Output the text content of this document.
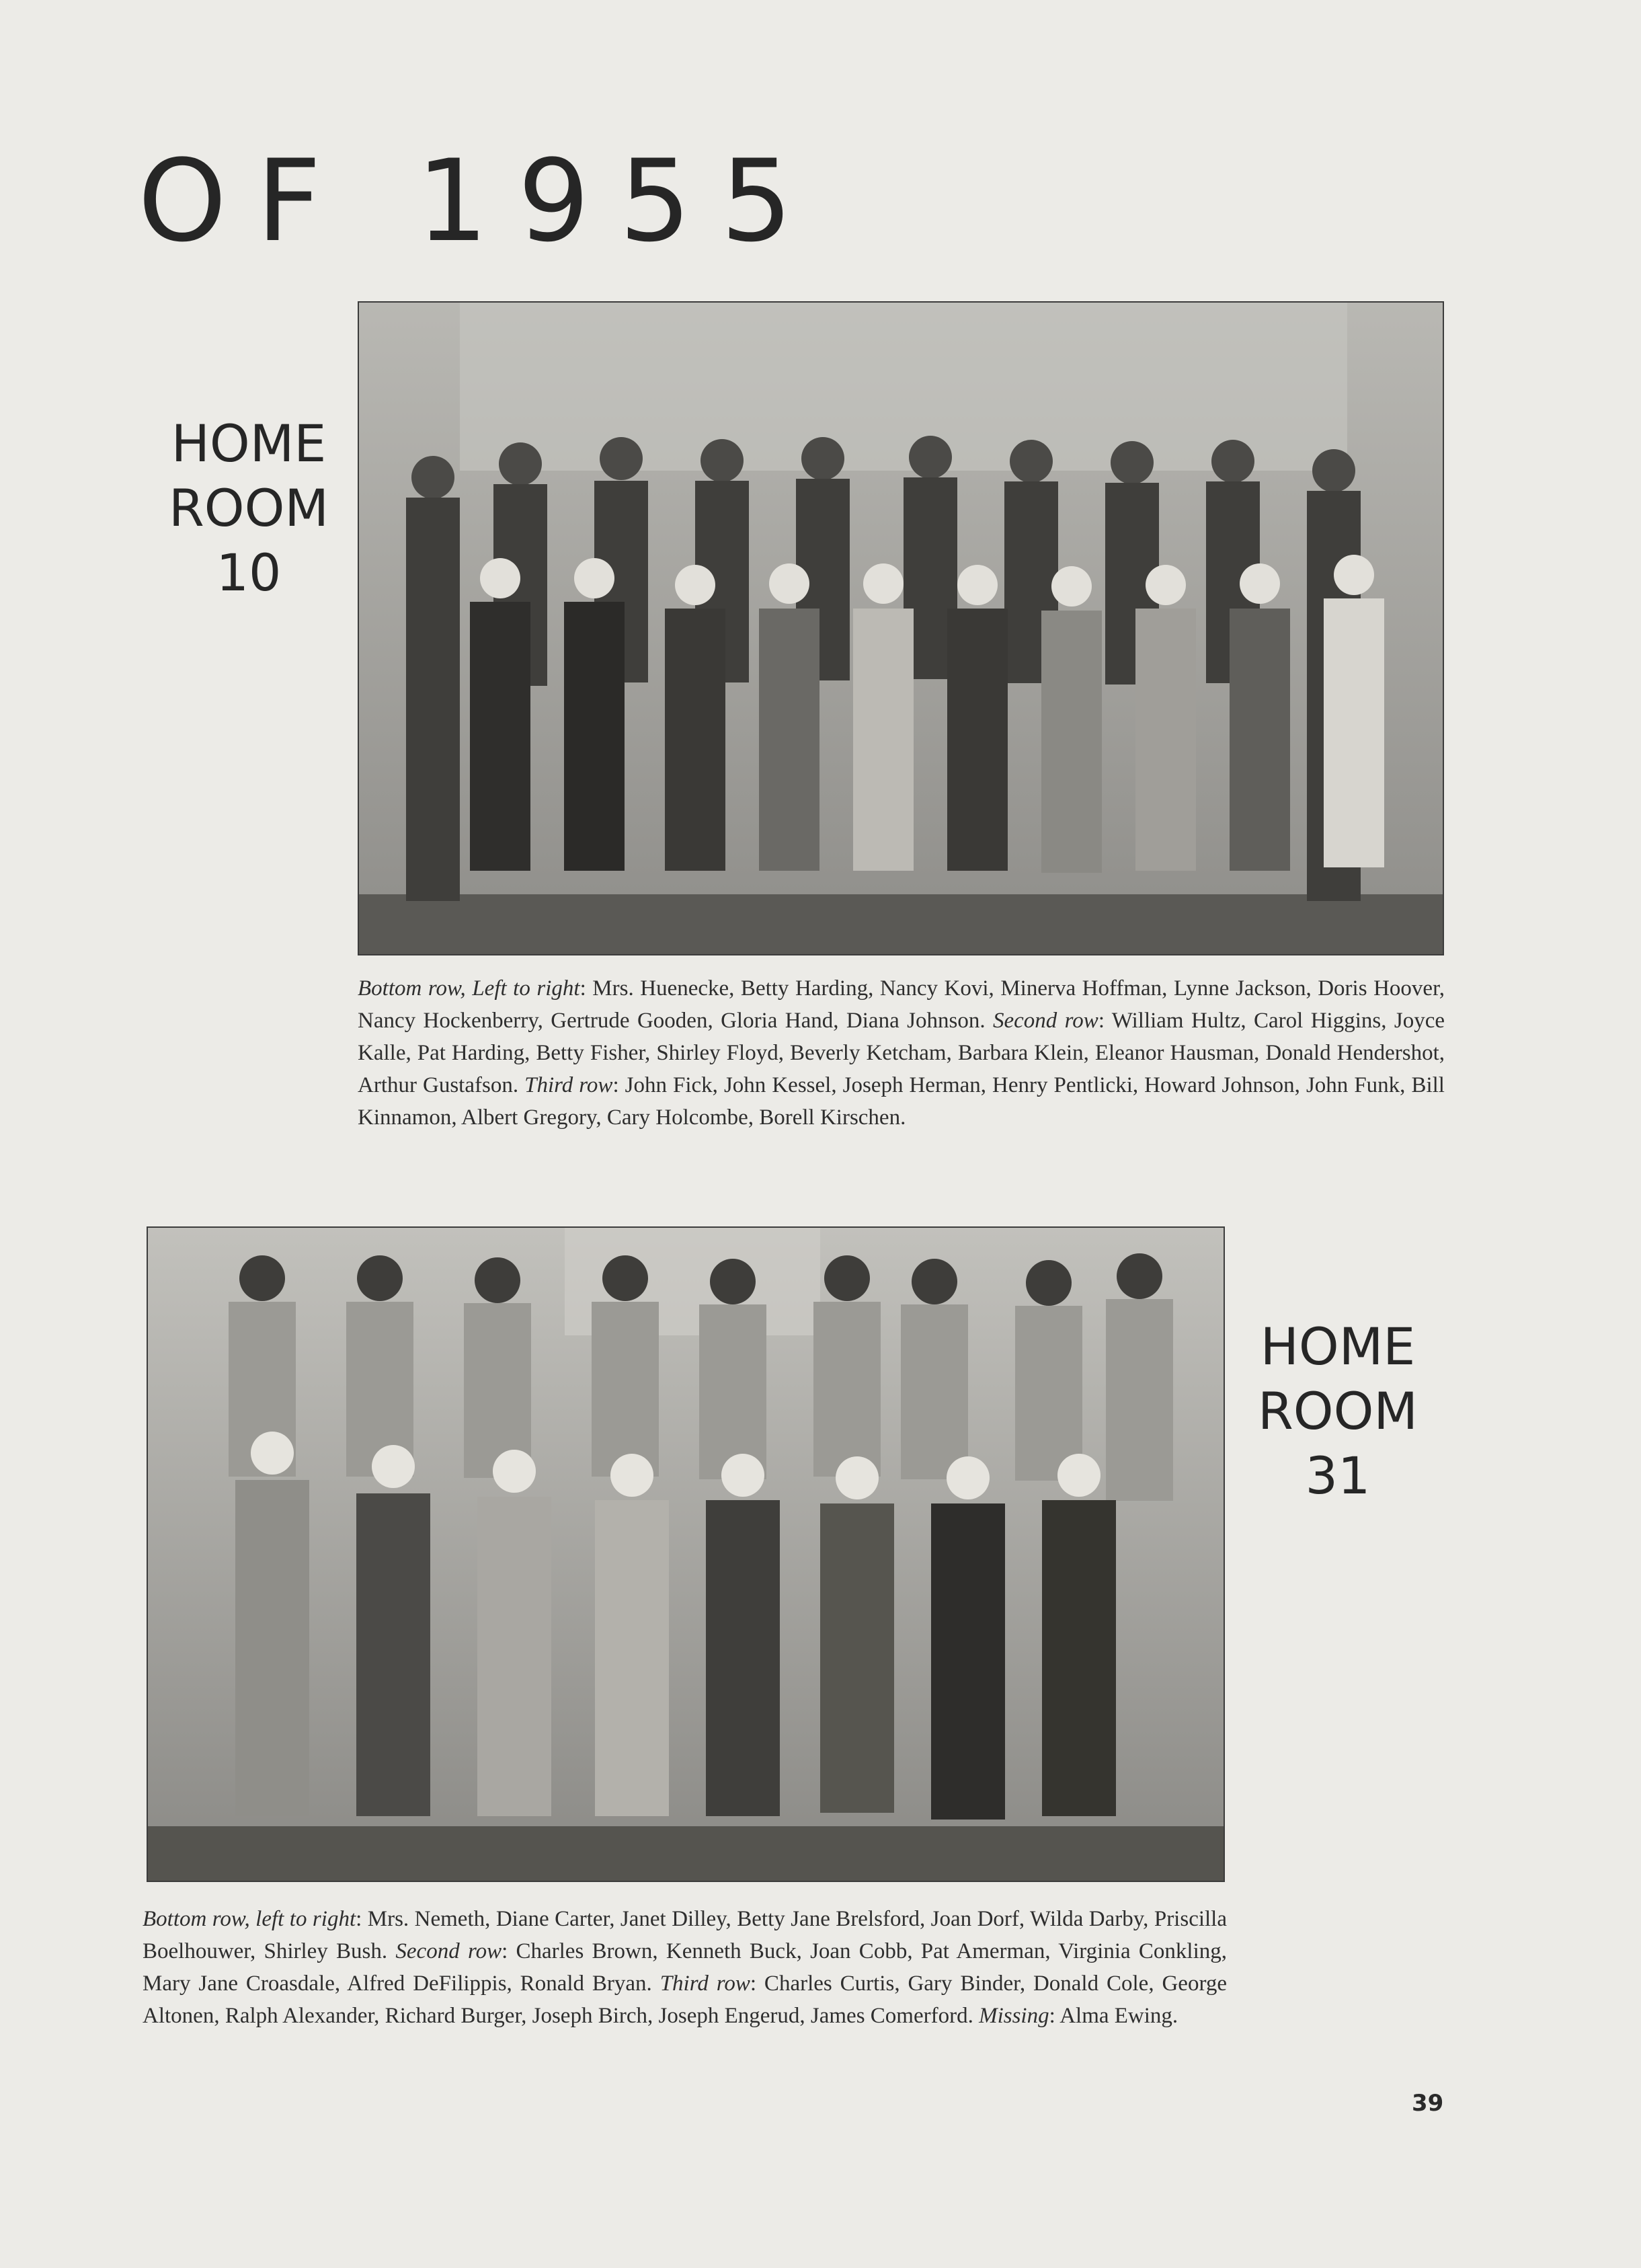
OF 1955
HOME
ROOM
10
Bottom row, Left to right: Mrs. Huenecke, Betty Harding, Nancy Kovi, Minerva Hoffman, Lynne Jackson, Doris Hoover, Nancy Hockenberry, Gertrude Gooden, Gloria Hand, Diana Johnson. Second row: William Hultz, Carol Higgins, Joyce Kalle, Pat Harding, Betty Fisher, Shirley Floyd, Beverly Ketcham, Barbara Klein, Eleanor Hausman, Donald Hendershot, Arthur Gustafson. Third row: John Fick, John Kessel, Joseph Herman, Henry Pentlicki, Howard Johnson, John Funk, Bill Kinnamon, Albert Gregory, Cary Holcombe, Borell Kirschen.
HOME
ROOM
31
Bottom row, left to right: Mrs. Nemeth, Diane Carter, Janet Dilley, Betty Jane Brelsford, Joan Dorf, Wilda Darby, Priscilla Boelhouwer, Shirley Bush. Second row: Charles Brown, Kenneth Buck, Joan Cobb, Pat Amerman, Virginia Conkling, Mary Jane Croasdale, Alfred DeFilippis, Ronald Bryan. Third row: Charles Curtis, Gary Binder, Donald Cole, George Altonen, Ralph Alexander, Richard Burger, Joseph Birch, Joseph Engerud, James Comerford. Missing: Alma Ewing.
39
